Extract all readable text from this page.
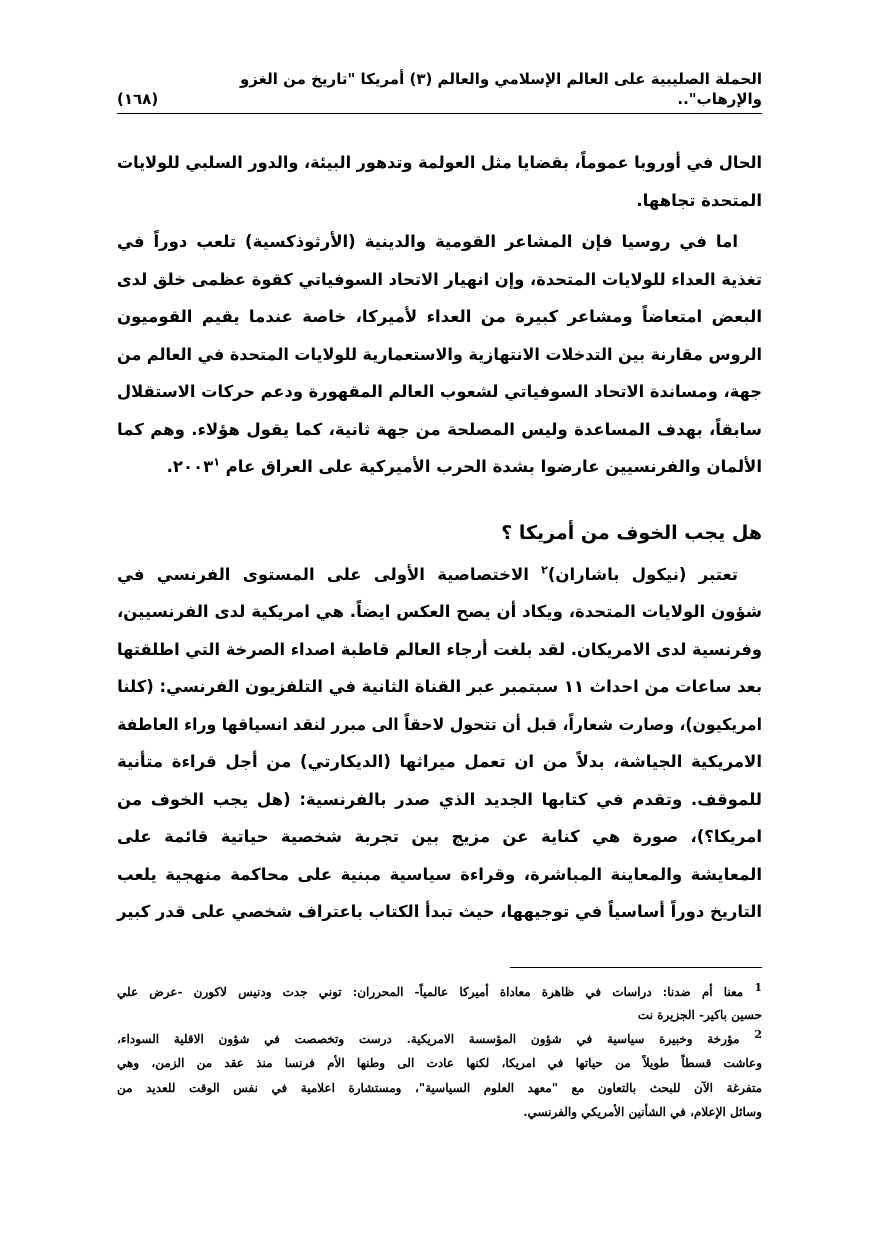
الحملة الصليبية على العالم الإسلامي والعالم (٣) أمريكا "تاريخ من الغزو والإرهاب"..
(١٦٨)
الحال في أوروبا عموماً، بقضايا مثل العولمة وتدهور البيئة، والدور السلبي للولايات
المتحدة تجاهها.
اما في روسيا فإن المشاعر القومية والدينية (الأرثوذكسية) تلعب دوراً في
تغذية العداء للولايات المتحدة، وإن انهيار الاتحاد السوفياتي كقوة عظمى خلق لدى
البعض امتعاضاً ومشاعر كبيرة من العداء لأميركا، خاصة عندما يقيم القوميون
الروس مقارنة بين التدخلات الانتهازية والاستعمارية للولايات المتحدة في العالم من
جهة، ومساندة الاتحاد السوفياتي لشعوب العالم المقهورة ودعم حركات الاستقلال
سابقاً، بهدف المساعدة وليس المصلحة من جهة ثانية، كما يقول هؤلاء. وهم كما
الألمان والفرنسيين عارضوا بشدة الحرب الأميركية على العراق عام ٢٠٠٣$^١$.
هل يجب الخوف من أمريكا ؟
تعتبر (نيكول باشاران)$^٢$ الاختصاصية الأولى على المستوى الفرنسي في
شؤون الولايات المتحدة، ويكاد أن يصح العكس ايضاً. هي امريكية لدى الفرنسيين،
وفرنسية لدى الامريكان. لقد بلغت أرجاء العالم قاطبة اصداء الصرخة التي اطلقتها
بعد ساعات من احداث ١١ سبتمبر عبر القناة الثانية في التلفزيون الفرنسي: (كلنا
امريكيون)، وصارت شعاراً، قبل أن تتحول لاحقاً الى مبرر لنقد انسياقها وراء العاطفة
الامريكية الجياشة، بدلاً من ان تعمل ميراثها (الديكارتي) من أجل قراءة متأنية
للموقف. وتقدم في كتابها الجديد الذي صدر بالفرنسية: (هل يجب الخوف من
امريكا؟)، صورة هي كناية عن مزيج بين تجربة شخصية حياتية قائمة على
المعايشة والمعاينة المباشرة، وقراءة سياسية مبنية على محاكمة منهجية يلعب
التاريخ دوراً أساسياً في توجيهها، حيث تبدأ الكتاب باعتراف شخصي على قدر كبير
$^1$ معنا أم ضدنا: دراسات في ظاهرة معاداة أميركا عالمياً- المحرران: توني جدت ودنيس لاكورن -عرض علي
حسين باكير- الجزيرة نت
$^2$ مؤرخة وخبيرة سياسية في شؤون المؤسسة الامريكية. درست وتخصصت في شؤون الاقلية السوداء،
وعاشت قسطاً طويلاً من حياتها في امريكا، لكنها عادت الى وطنها الأم فرنسا منذ عقد من الزمن، وهي
متفرغة الآن للبحث بالتعاون مع "معهد العلوم السياسية"، ومستشارة اعلامية في نفس الوقت للعديد من
وسائل الإعلام، في الشأنين الأمريكي والفرنسي.
